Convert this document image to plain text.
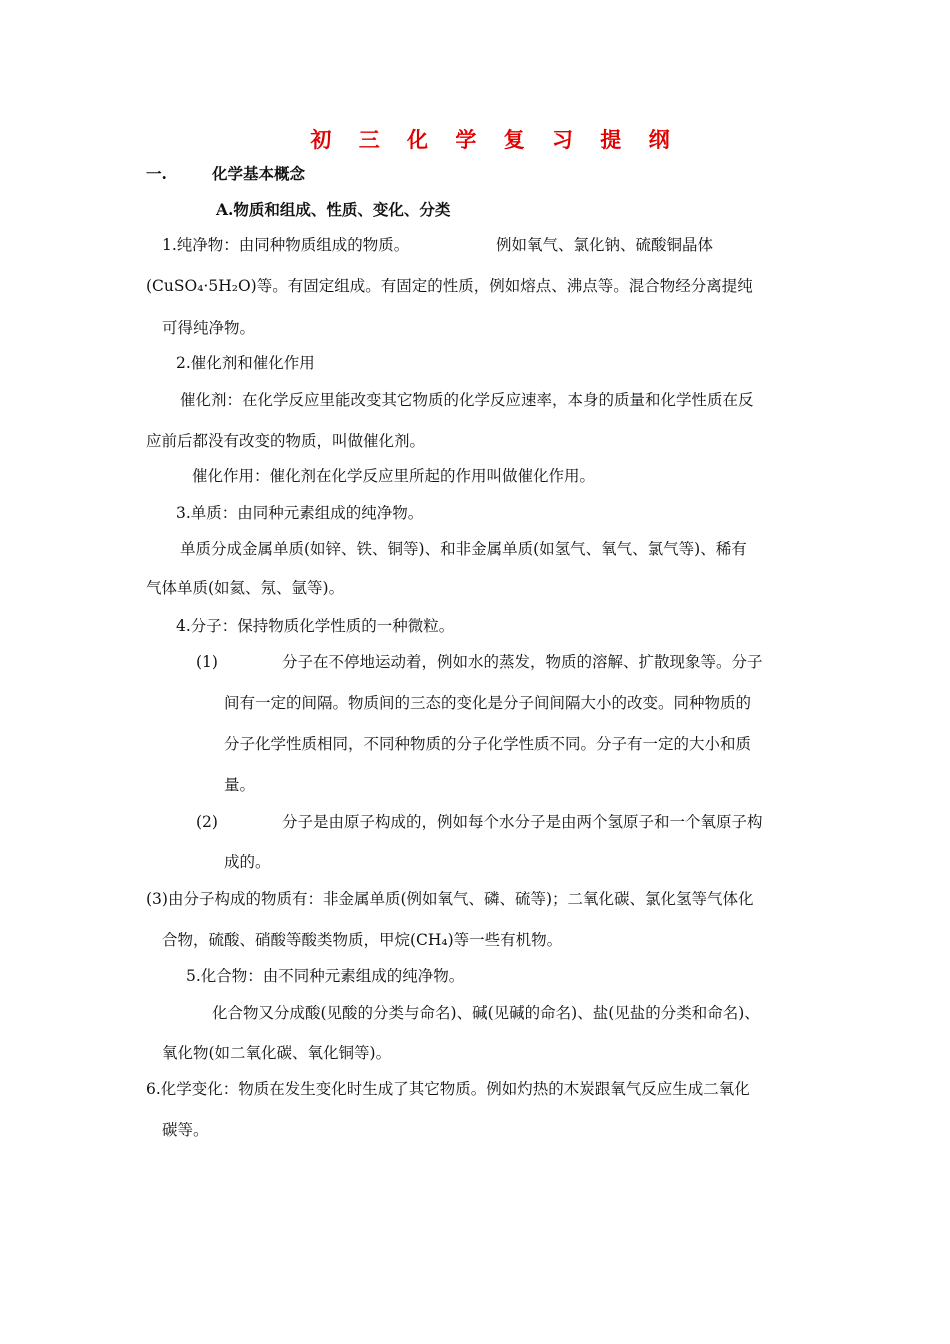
初 三 化 学 复 习 提 纲
一.	化学基本概念
A.物质和组成、性质、变化、分类
1.纯净物：由同种物质组成的物质。	例如氧气、氯化钠、硫酸铜晶体
(CuSO₄·5H₂O)等。有固定组成。有固定的性质，例如熔点、沸点等。混合物经分离提纯
可得纯净物。
2.催化剂和催化作用
催化剂：在化学反应里能改变其它物质的化学反应速率，本身的质量和化学性质在反
应前后都没有改变的物质，叫做催化剂。
催化作用：催化剂在化学反应里所起的作用叫做催化作用。
3.单质：由同种元素组成的纯净物。
单质分成金属单质(如锌、铁、铜等)、和非金属单质(如氢气、氧气、氯气等)、稀有
气体单质(如氦、氖、氩等)。
4.分子：保持物质化学性质的一种微粒。
(1)	分子在不停地运动着，例如水的蒸发，物质的溶解、扩散现象等。分子
间有一定的间隔。物质间的三态的变化是分子间间隔大小的改变。同种物质的
分子化学性质相同，不同种物质的分子化学性质不同。分子有一定的大小和质
量。
(2)	分子是由原子构成的，例如每个水分子是由两个氢原子和一个氧原子构
成的。
(3)由分子构成的物质有：非金属单质(例如氧气、磷、硫等)；二氧化碳、氯化氢等气体化
合物，硫酸、硝酸等酸类物质，甲烷(CH₄)等一些有机物。
5.化合物：由不同种元素组成的纯净物。
化合物又分成酸(见酸的分类与命名)、碱(见碱的命名)、盐(见盐的分类和命名)、
氧化物(如二氧化碳、氧化铜等)。
6.化学变化：物质在发生变化时生成了其它物质。例如灼热的木炭跟氧气反应生成二氧化
碳等。
